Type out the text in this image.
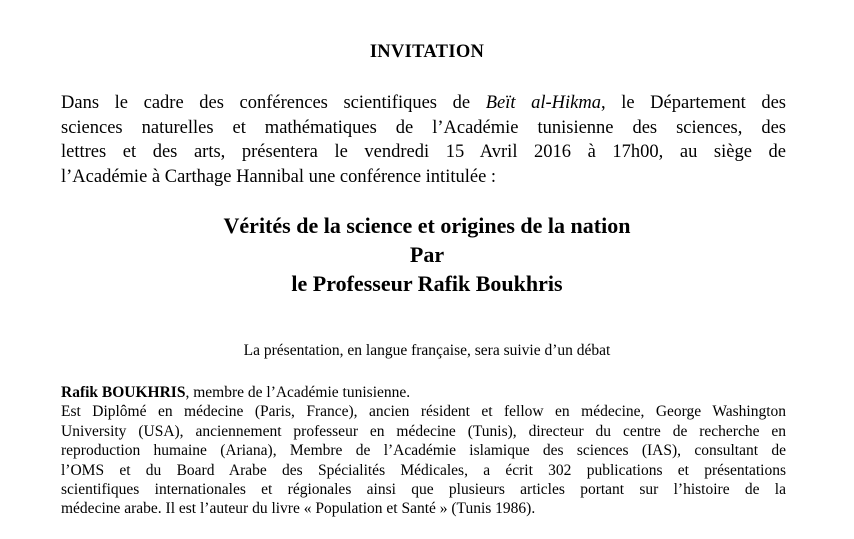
INVITATION
Dans le cadre des conférences scientifiques de Beït al-Hikma, le Département des
sciences naturelles et mathématiques de l’Académie tunisienne des sciences, des
lettres et des arts, présentera le vendredi 15 Avril 2016 à 17h00, au siège de
l’Académie à Carthage Hannibal une conférence intitulée :
Vérités de la science et origines de la nation
Par
le Professeur Rafik Boukhris
La présentation, en langue française, sera suivie d’un débat
Rafik BOUKHRIS, membre de l’Académie tunisienne.
Est Diplômé en médecine (Paris, France), ancien résident et fellow en médecine, George Washington
University (USA), anciennement professeur en médecine (Tunis), directeur du centre de recherche en
reproduction humaine (Ariana), Membre de l’Académie islamique des sciences (IAS), consultant de
l’OMS et du Board Arabe des Spécialités Médicales, a écrit 302 publications et présentations
scientifiques internationales et régionales ainsi que plusieurs articles portant sur l’histoire de la
médecine arabe. Il est l’auteur du livre « Population et Santé » (Tunis 1986).
